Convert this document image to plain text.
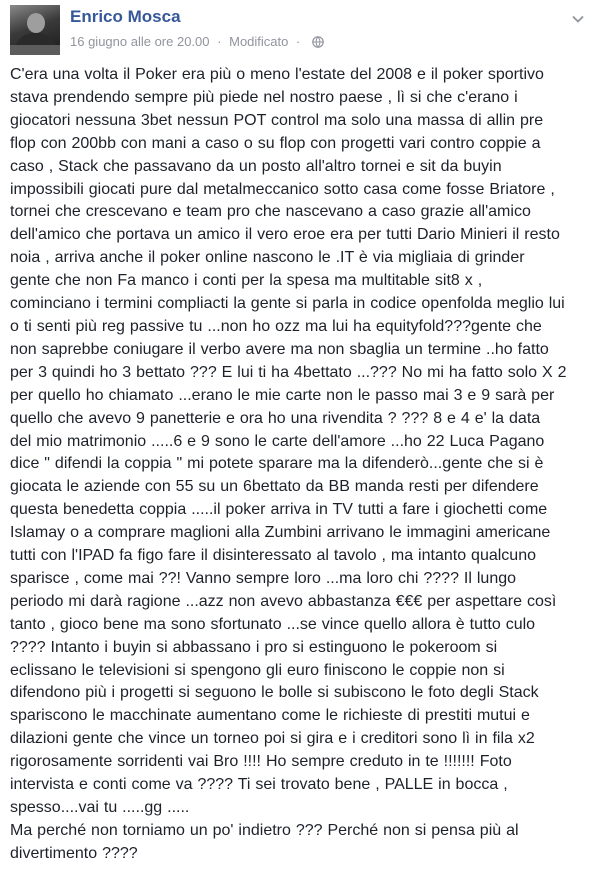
Enrico Mosca
16 giugno alle ore 20.00 · Modificato ·
C'era una volta il Poker era più o meno l'estate del 2008 e il poker sportivo
stava prendendo sempre più piede nel nostro paese , lì si che c'erano i
giocatori nessuna 3bet nessun POT control ma solo una massa di allin pre
flop con 200bb con mani a caso o su flop con progetti vari contro coppie a
caso , Stack che passavano da un posto all'altro tornei e sit da buyin
impossibili giocati pure dal metalmeccanico sotto casa come fosse Briatore ,
tornei che crescevano e team pro che nascevano a caso grazie all'amico
dell'amico che portava un amico il vero eroe era per tutti Dario Minieri il resto
noia , arriva anche il poker online nascono le .IT è via migliaia di grinder
gente che non Fa manco i conti per la spesa ma multitable sit8 x ,
cominciano i termini compliacti la gente si parla in codice openfolda meglio lui
o ti senti più reg passive tu ...non ho ozz ma lui ha equityfold???gente che
non saprebbe coniugare il verbo avere ma non sbaglia un termine ..ho fatto
per 3 quindi ho 3 bettato ??? E lui ti ha 4bettato ...??? No mi ha fatto solo X 2
per quello ho chiamato ...erano le mie carte non le passo mai 3 e 9 sarà per
quello che avevo 9 panetterie e ora ho una rivendita ? ??? 8 e 4 e' la data
del mio matrimonio .....6 e 9 sono le carte dell'amore ...ho 22 Luca Pagano
dice " difendi la coppia " mi potete sparare ma la difenderò...gente che si è
giocata le aziende con 55 su un 6bettato da BB manda resti per difendere
questa benedetta coppia .....il poker arriva in TV tutti a fare i giochetti come
Islamay o a comprare maglioni alla Zumbini arrivano le immagini americane
tutti con l'IPAD fa figo fare il disinteressato al tavolo , ma intanto qualcuno
sparisce , come mai ??! Vanno sempre loro ...ma loro chi ???? Il lungo
periodo mi darà ragione ...azz non avevo abbastanza €€€ per aspettare così
tanto , gioco bene ma sono sfortunato ...se vince quello allora è tutto culo
???? Intanto i buyin si abbassano i pro si estinguono le pokeroom si
eclissano le televisioni si spengono gli euro finiscono le coppie non si
difendono più i progetti si seguono le bolle si subiscono le foto degli Stack
spariscono le macchinate aumentano come le richieste di prestiti mutui e
dilazioni gente che vince un torneo poi si gira e i creditori sono lì in fila x2
rigorosamente sorridenti vai Bro !!!! Ho sempre creduto in te !!!!!!! Foto
intervista e conti come va ???? Ti sei trovato bene , PALLE in bocca ,
spesso....vai tu .....gg .....
Ma perché non torniamo un po' indietro ??? Perché non si pensa più al
divertimento ????
